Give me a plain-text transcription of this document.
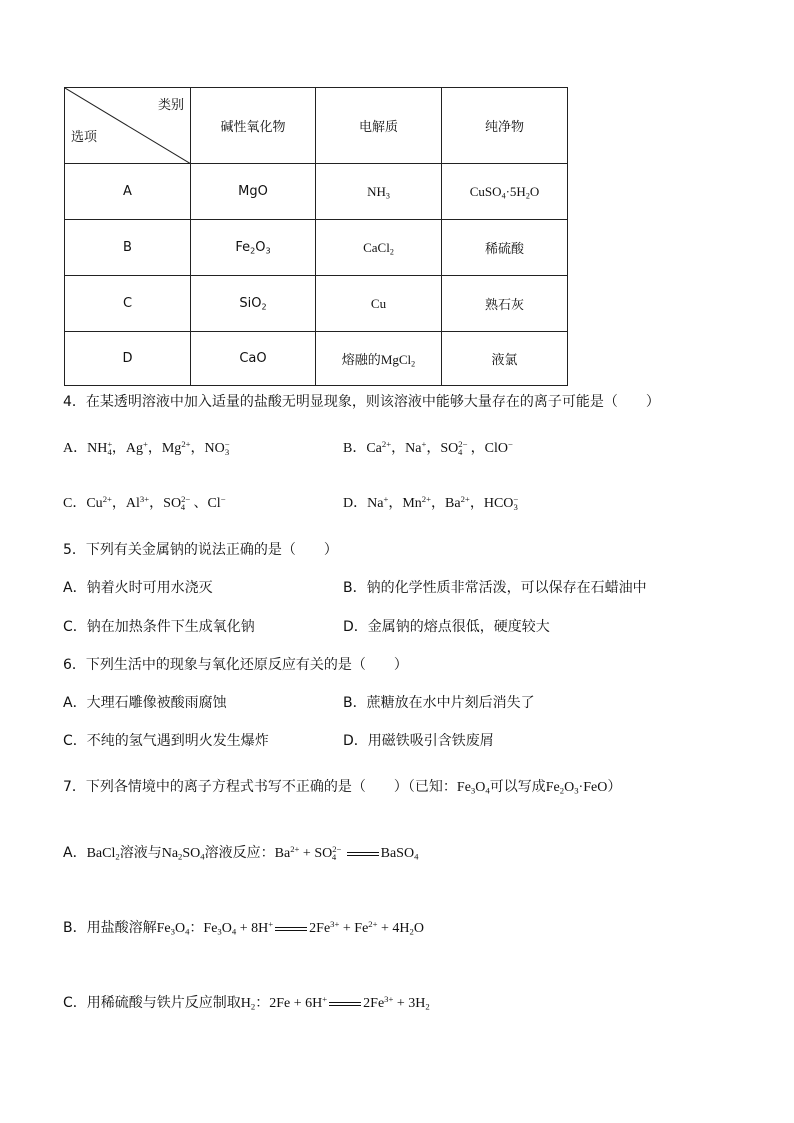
类别
选项	碱性氧化物	电解质	纯净物
A	MgO	$NH_3$	$CuSO_4\cdot 5H_2O$
B	$Fe_2O_3$	CaCl$_2$	稀硫酸
C	SiO$_2$	Cu	熟石灰
D	CaO	熔融的MgCl$_2$	液氯
4．在某透明溶液中加入适量的盐酸无明显现象，则该溶液中能够大量存在的离子可能是（　　）
A．$NH^+_4$，Ag+，$Mg^{2+}$，$NO^-_3$	B．$Ca^{2+}$，Na+，$SO^{2-}_4$ ，ClO−
C．$Cu^{2+}$，$Al^{3+}$，$SO^{2-}_4$ 、Cl−	D．Na+，$Mn^{2+}$，$Ba^{2+}$，$HCO^-_3$
5．下列有关金属钠的说法正确的是（　　）
A．钠着火时可用水浇灭	B．钠的化学性质非常活泼，可以保存在石蜡油中
C．钠在加热条件下生成氧化钠	D．金属钠的熔点很低，硬度较大
6．下列生活中的现象与氧化还原反应有关的是（　　）
A．大理石雕像被酸雨腐蚀	B．蔗糖放在水中片刻后消失了
C．不纯的氢气遇到明火发生爆炸	D．用磁铁吸引含铁废屑
7．下列各情境中的离子方程式书写不正确的是（　　）（已知：$Fe_3O_4$可以写成$Fe_2O_3\cdot FeO$）
A．BaCl$_2$溶液与$Na_2SO_4$溶液反应：$Ba^{2+} + SO^{2-}_4$	BaSO$_4$
B．用盐酸溶解$Fe_3O_4$：$Fe_3O_4 + 8H^+$	$2Fe^{3+} + Fe^{2+} + 4H_2O$
C．用稀硫酸与铁片反应制取$H_2$：2Fe + 6H+	$2Fe^{3+} + 3H_2$
